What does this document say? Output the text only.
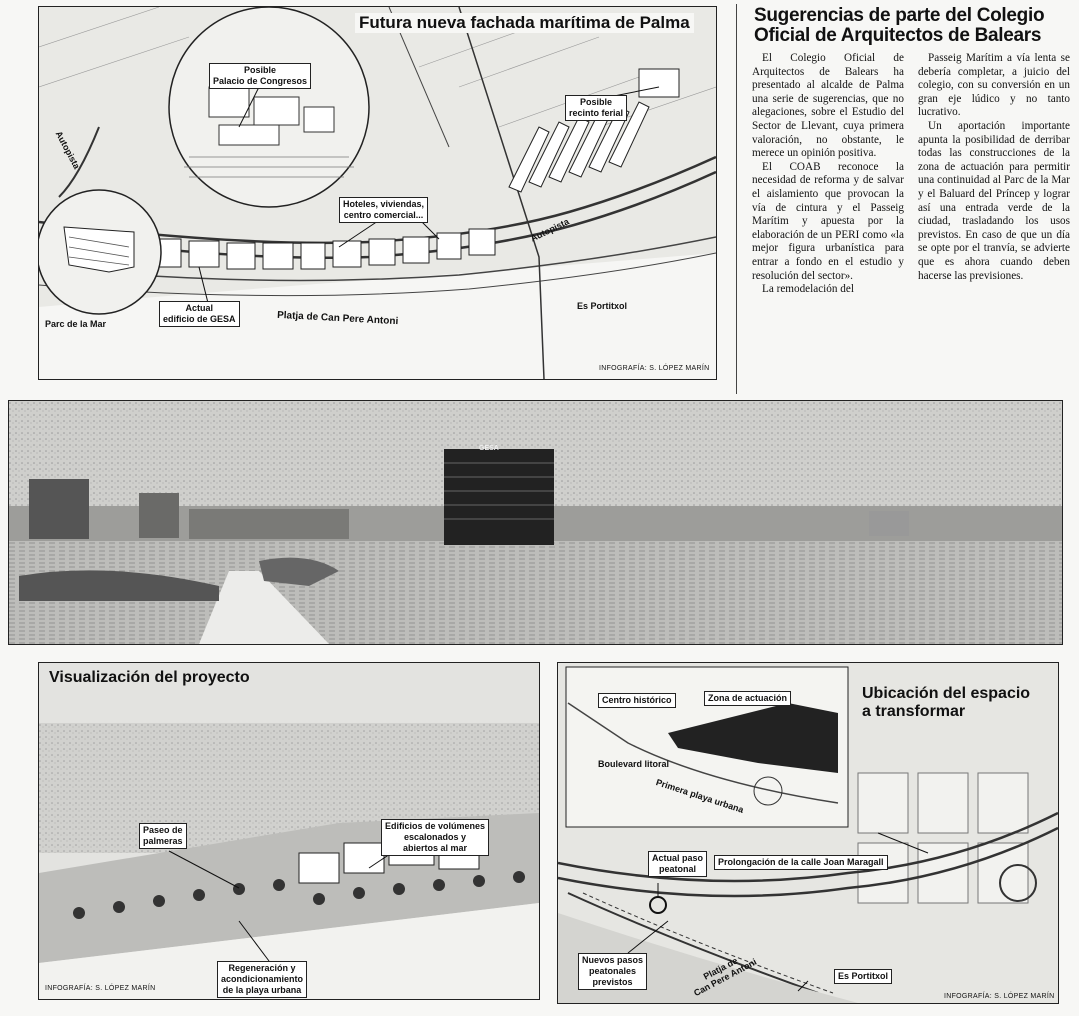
Futura nueva fachada marítima de Palma
Posible
Palacio de Congresos
Posible
recinto ferial
Hoteles, viviendas,
centro comercial...
Actual
edificio de GESA
Autopista
Autopista
Parc de la Mar	Platja de Can Pere Antoni
Es Portitxol
INFOGRAFÍA: S. LÓPEZ MARÍN
Sugerencias de parte del Colegio Oficial de Arquitectos de Balears

El Colegio Oficial de Arquitectos de Balears ha presentado al alcalde de Palma una serie de sugerencias, que no alegaciones, sobre el Estudio del Sector de Llevant, cuya primera valoración, no obstante, le merece un opinión positiva.

El COAB reconoce la necesidad de reforma y de salvar el aislamiento que provocan la vía de cintura y el Passeig Marítim y apuesta por la elaboración de un PERI como «la mejor figura urbanística para entrar a fondo en el estudio y resolución del sector».

La remodelación del

Passeig Marítim a vía lenta se debería completar, a juicio del colegio, con su conversión en un gran eje lúdico y no tanto lucrativo.

Un aportación importante apunta la posibilidad de derribar todas las construcciones de la zona de actuación para permitir una continuidad al Parc de la Mar y el Baluard del Príncep y lograr así una entrada verde de la ciudad, trasladando los usos previstos. En caso de que un día se opte por el tranvía, se advierte que es ahora cuando deben hacerse las previsiones.

GESA
Visualización del proyecto
Paseo de
palmeras
Edificios de volúmenes
escalonados y
abiertos al mar
Regeneración y
acondicionamiento
de la playa urbana
INFOGRAFÍA: S. LÓPEZ MARÍN
Ubicación del espacio
a transformar
Centro histórico	Zona de actuación
Boulevard litoral
Primera playa urbana
Actual paso
peatonal
Prolongación de la calle Joan Maragall
Nuevos pasos
peatonales
previstos
Platja de
Can Pere Antoni	Es Portitxol
INFOGRAFÍA: S. LÓPEZ MARÍN
